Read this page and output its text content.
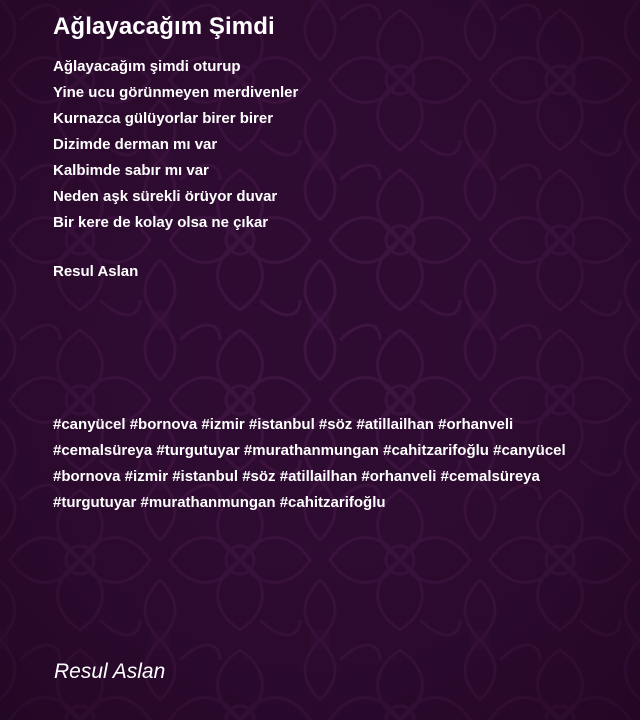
Ağlayacağım Şimdi
Ağlayacağım şimdi oturup
Yine ucu görünmeyen merdivenler
Kurnazca gülüyorlar birer birer
Dizimde derman mı var
Kalbimde sabır mı var
Neden aşk sürekli örüyor duvar
Bir kere de kolay olsa ne çıkar
Resul Aslan

#canyücel #bornova #izmir #istanbul #söz #atillailhan #orhanveli #cemalsüreya #turgutuyar #murathanmungan #cahitzarifoğlu #canyücel #bornova #izmir #istanbul #söz #atillailhan #orhanveli #cemalsüreya #turgutuyar #murathanmungan #cahitzarifoğlu

Resul Aslan
